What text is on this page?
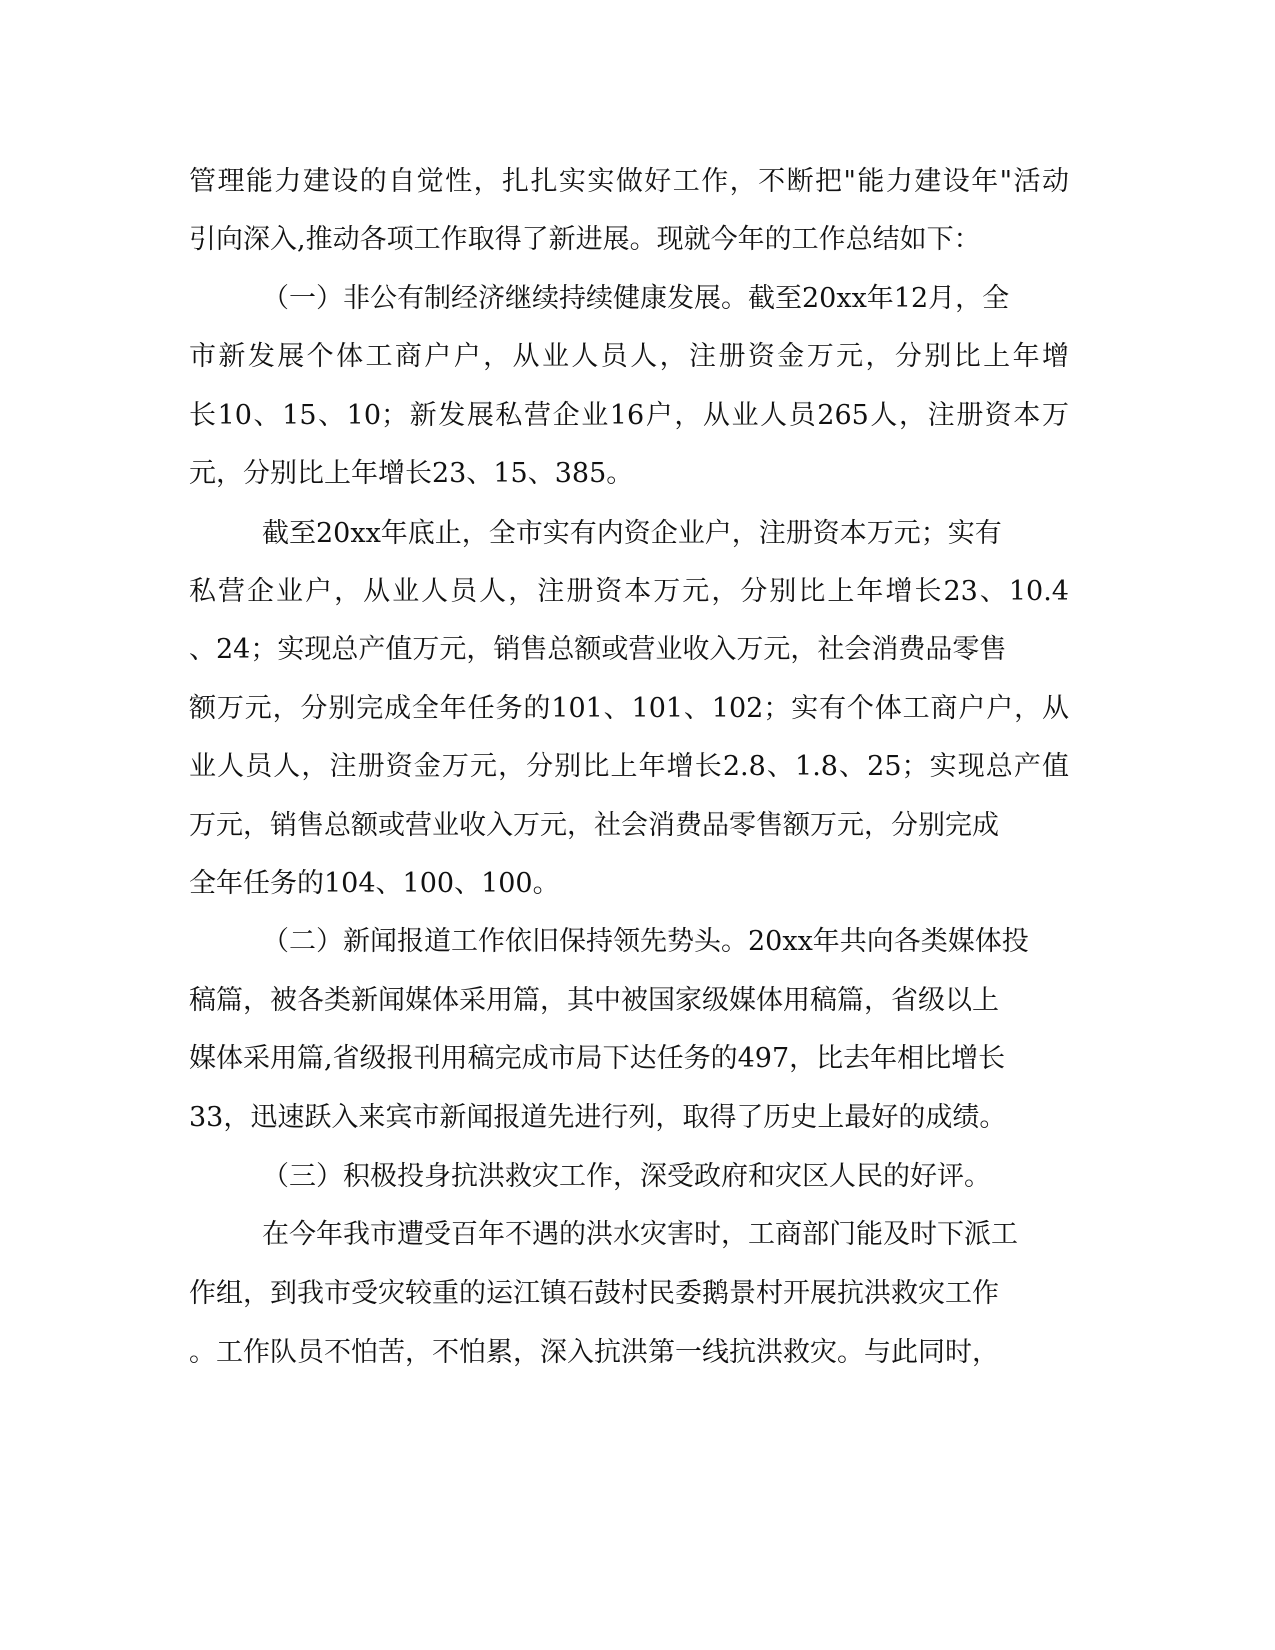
管理能力建设的自觉性，扎扎实实做好工作，不断把"能力建设年"活动
引向深入,推动各项工作取得了新进展。现就今年的工作总结如下：
（一）非公有制经济继续持续健康发展。截至20xx年12月，全
市新发展个体工商户户，从业人员人，注册资金万元，分别比上年增
长10、15、10；新发展私营企业16户，从业人员265人，注册资本万
元，分别比上年增长23、15、385。
截至20xx年底止，全市实有内资企业户，注册资本万元；实有
私营企业户，从业人员人，注册资本万元，分别比上年增长23、10.4
、24；实现总产值万元，销售总额或营业收入万元，社会消费品零售
额万元，分别完成全年任务的101、101、102；实有个体工商户户，从
业人员人，注册资金万元，分别比上年增长2.8、1.8、25；实现总产值
万元，销售总额或营业收入万元，社会消费品零售额万元，分别完成
全年任务的104、100、100。
（二）新闻报道工作依旧保持领先势头。20xx年共向各类媒体投
稿篇，被各类新闻媒体采用篇，其中被国家级媒体用稿篇，省级以上
媒体采用篇,省级报刊用稿完成市局下达任务的497，比去年相比增长
33，迅速跃入来宾市新闻报道先进行列，取得了历史上最好的成绩。
（三）积极投身抗洪救灾工作，深受政府和灾区人民的好评。
在今年我市遭受百年不遇的洪水灾害时，工商部门能及时下派工
作组，到我市受灾较重的运江镇石鼓村民委鹅景村开展抗洪救灾工作
。工作队员不怕苦，不怕累，深入抗洪第一线抗洪救灾。与此同时，
